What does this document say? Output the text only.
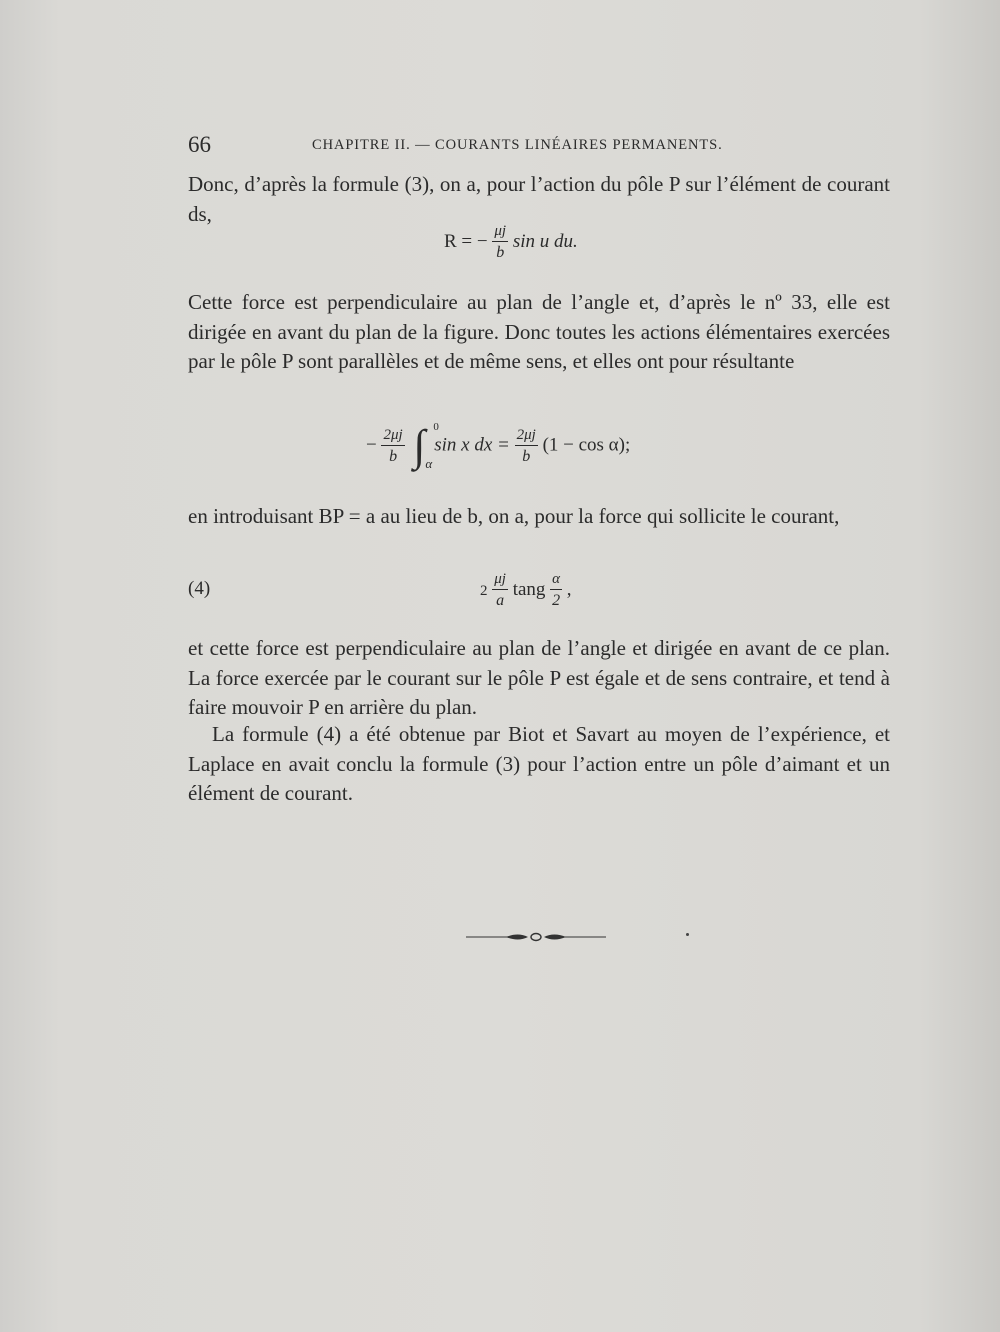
66	CHAPITRE II. — COURANTS LINÉAIRES PERMANENTS.

Donc, d’après la formule (3), on a, pour l’action du pôle P sur l’élément de courant ds,

R = − $\frac{\mu j}{b}$ sin u du.

Cette force est perpendiculaire au plan de l’angle et, d’après le nº 33, elle est dirigée en avant du plan de la figure. Donc toutes les actions élémentaires exercées par le pôle P sont parallèles et de même sens, et elles ont pour résultante

− $\frac{2\mu j}{b}$ ∫ 0
α
sin x dx = $\frac{2\mu j}{b} (1 - \cos \alpha)$;

en introduisant BP = a au lieu de b, on a, pour la force qui sollicite le courant,

(4)	$2 \frac{\mu j}{a}$ tang $\frac{\alpha}{2}$ ,

et cette force est perpendiculaire au plan de l’angle et dirigée en avant de ce plan. La force exercée par le courant sur le pôle P est égale et de sens contraire, et tend à faire mouvoir P en arrière du plan.

La formule (4) a été obtenue par Biot et Savart au moyen de l’expérience, et Laplace en avait conclu la formule (3) pour l’action entre un pôle d’aimant et un élément de courant.
